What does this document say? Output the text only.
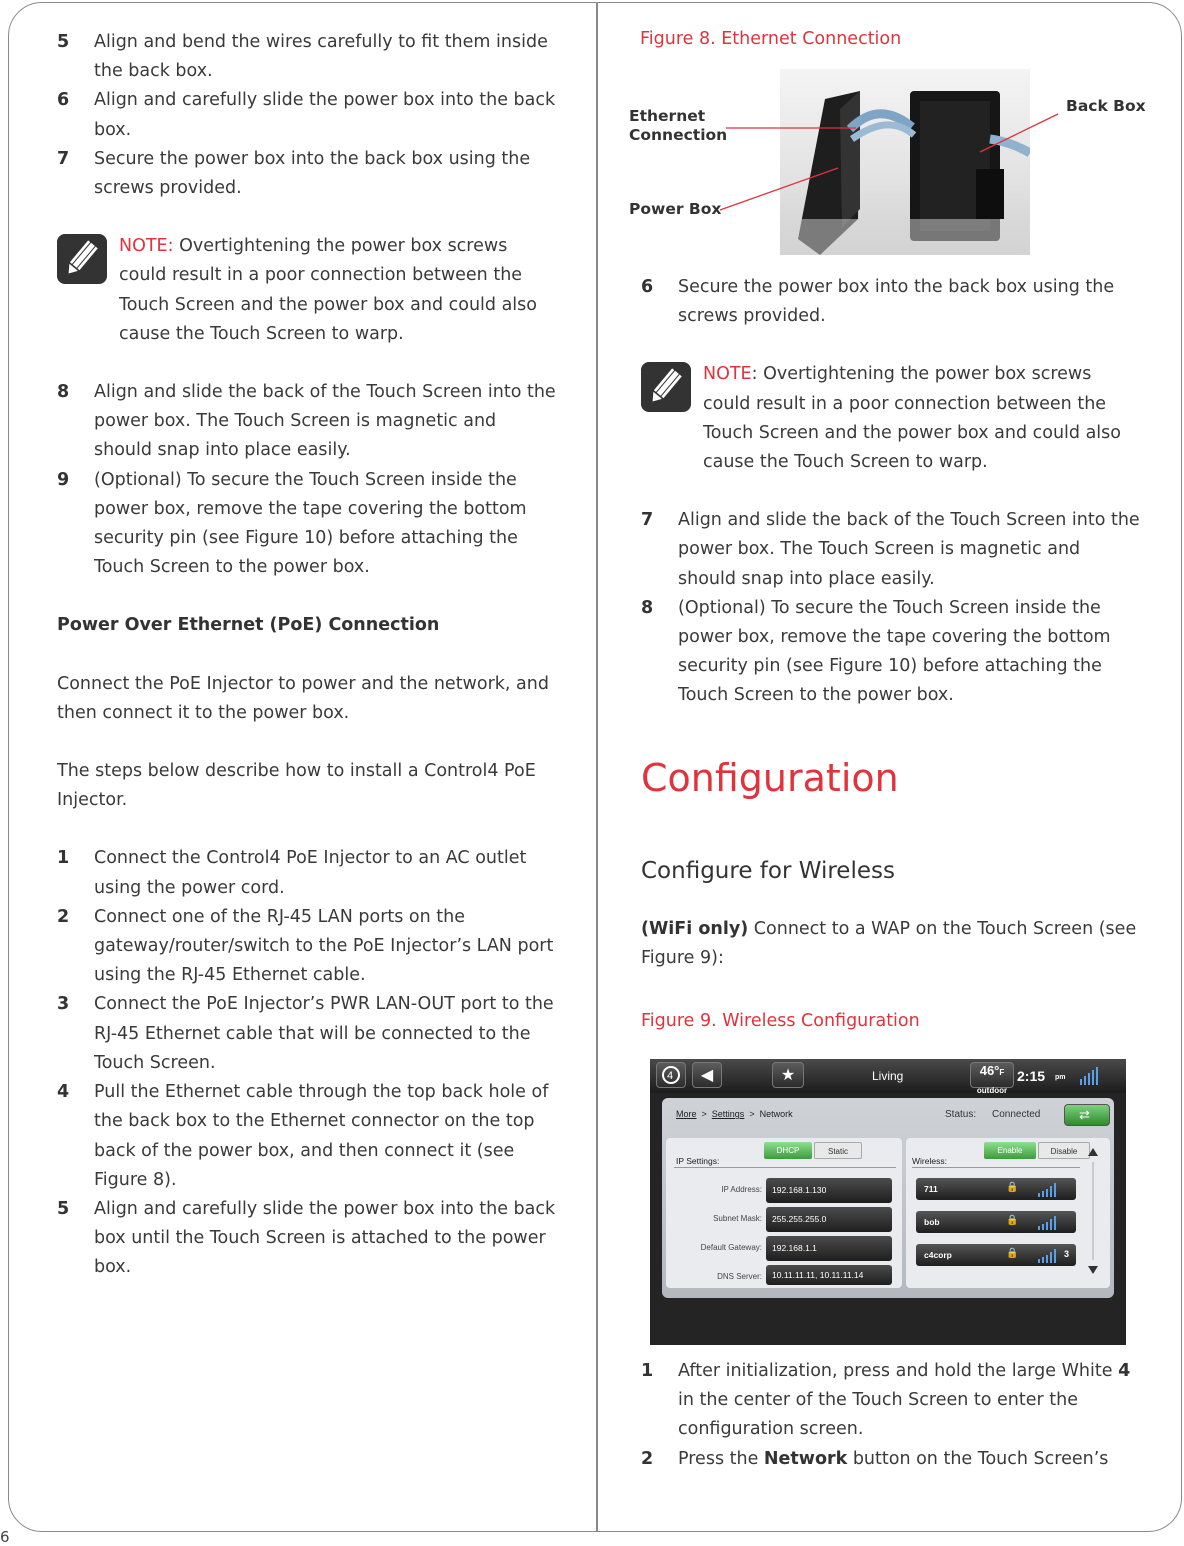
6
5 Align and bend the wires carefully to fit them inside the back box.
6 Align and carefully slide the power box into the back box.
7 Secure the power box into the back box using the screws provided.
NOTE: Overtightening the power box screws could result in a poor connection between the Touch Screen and the power box and could also cause the Touch Screen to warp.
8 Align and slide the back of the Touch Screen into the power box. The Touch Screen is magnetic and should snap into place easily.
9 (Optional) To secure the Touch Screen inside the power box, remove the tape covering the bottom security pin (see Figure 10) before attaching the Touch Screen to the power box.
Power Over Ethernet (PoE) Connection
Connect the PoE Injector to power and the network, and then connect it to the power box.
The steps below describe how to install a Control4 PoE Injector.
1 Connect the Control4 PoE Injector to an AC outlet using the power cord.
2 Connect one of the RJ-45 LAN ports on the gateway/router/switch to the PoE Injector’s LAN port using the RJ-45 Ethernet cable.
3 Connect the PoE Injector’s PWR LAN-OUT port to the RJ-45 Ethernet cable that will be connected to the Touch Screen.
4 Pull the Ethernet cable through the top back hole of the back box to the Ethernet connector on the top back of the power box, and then connect it (see Figure 8).
5 Align and carefully slide the power box into the back box until the Touch Screen is attached to the power box.
Figure 8. Ethernet Connection
Ethernet Connection
Power Box
Back Box
6 Secure the power box into the back box using the screws provided.
NOTE: Overtightening the power box screws could result in a poor connection between the Touch Screen and the power box and could also cause the Touch Screen to warp.
7 Align and slide the back of the Touch Screen into the power box. The Touch Screen is magnetic and should snap into place easily.
8 (Optional) To secure the Touch Screen inside the power box, remove the tape covering the bottom security pin (see Figure 10) before attaching the Touch Screen to the power box.
Configuration
Configure for Wireless
(WiFi only) Connect to a WAP on the Touch Screen (see Figure 9):
Figure 9. Wireless Configuration
4	◀	★	Living	46°F
outdoor
2:15 pm
More  >  Settings  >  Network	Status: Connected	⇄
IP Settings:
DHCP	Static
IP Address:	192.168.1.130
Subnet Mask:	255.255.255.0
Default Gateway:	192.168.1.1
DNS Server:	10.11.11.11, 10.11.11.14
Wireless:
Enable	Disable
711	🔒
bob	🔒
c4corp	🔒	3
1 After initialization, press and hold the large White 4 in the center of the Touch Screen to enter the configuration screen.
2 Press the Network button on the Touch Screen’s
